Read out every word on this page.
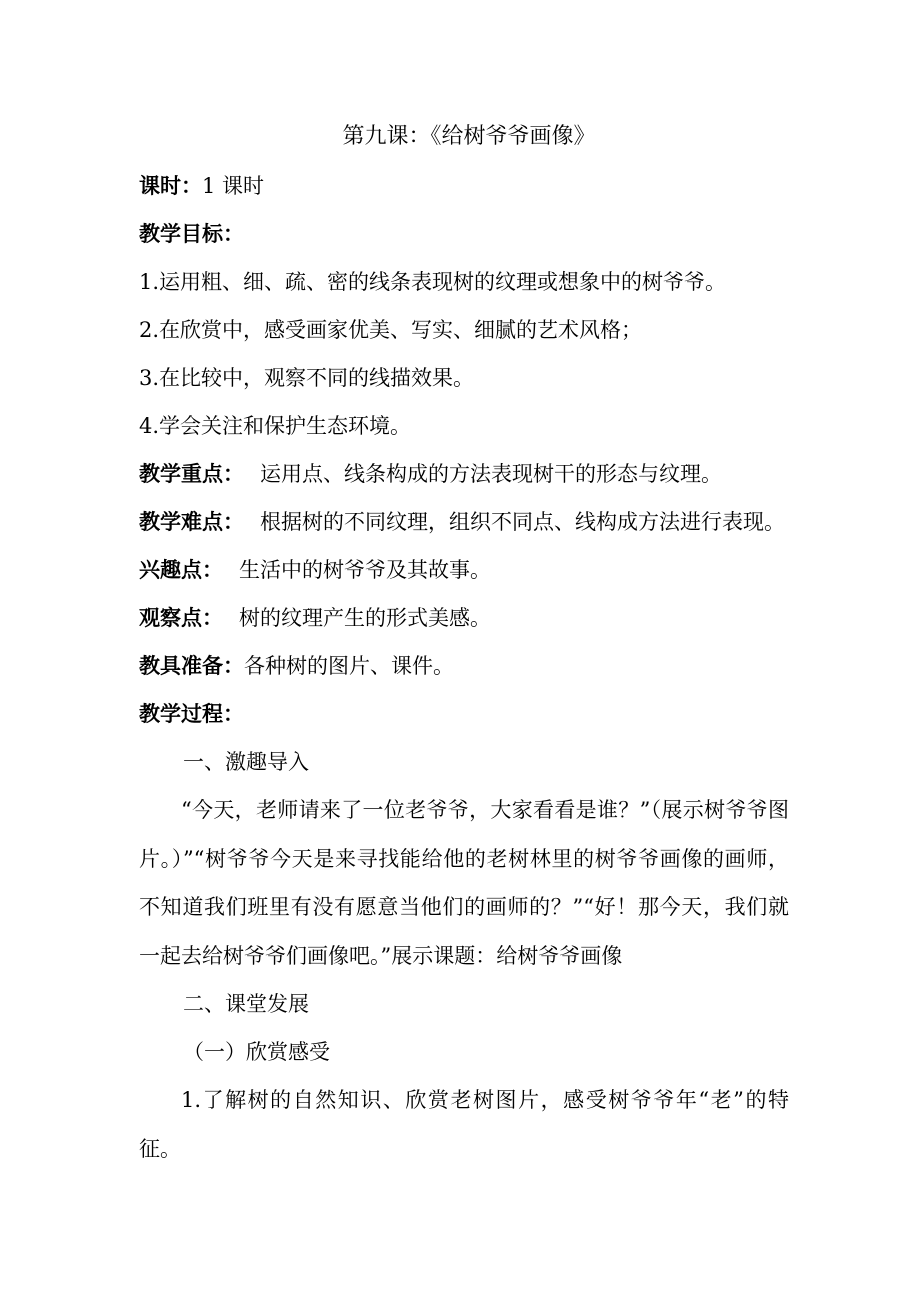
第九课：《给树爷爷画像》
课时：1 课时
教学目标：
1.运用粗、细、疏、密的线条表现树的纹理或想象中的树爷爷。
2.在欣赏中，感受画家优美、写实、细腻的艺术风格；
3.在比较中，观察不同的线描效果。
4.学会关注和保护生态环境。
教学重点： 运用点、线条构成的方法表现树干的形态与纹理。
教学难点： 根据树的不同纹理，组织不同点、线构成方法进行表现。
兴趣点： 生活中的树爷爷及其故事。
观察点： 树的纹理产生的形式美感。
教具准备：各种树的图片、课件。
教学过程：
一、激趣导入
“今天，老师请来了一位老爷爷，大家看看是谁？”（展示树爷爷图片。）”“树爷爷今天是来寻找能给他的老树林里的树爷爷画像的画师，不知道我们班里有没有愿意当他们的画师的？”“好！那今天，我们就一起去给树爷爷们画像吧。”展示课题：给树爷爷画像
二、课堂发展
（一）欣赏感受
1.了解树的自然知识、欣赏老树图片，感受树爷爷年“老”的特征。
